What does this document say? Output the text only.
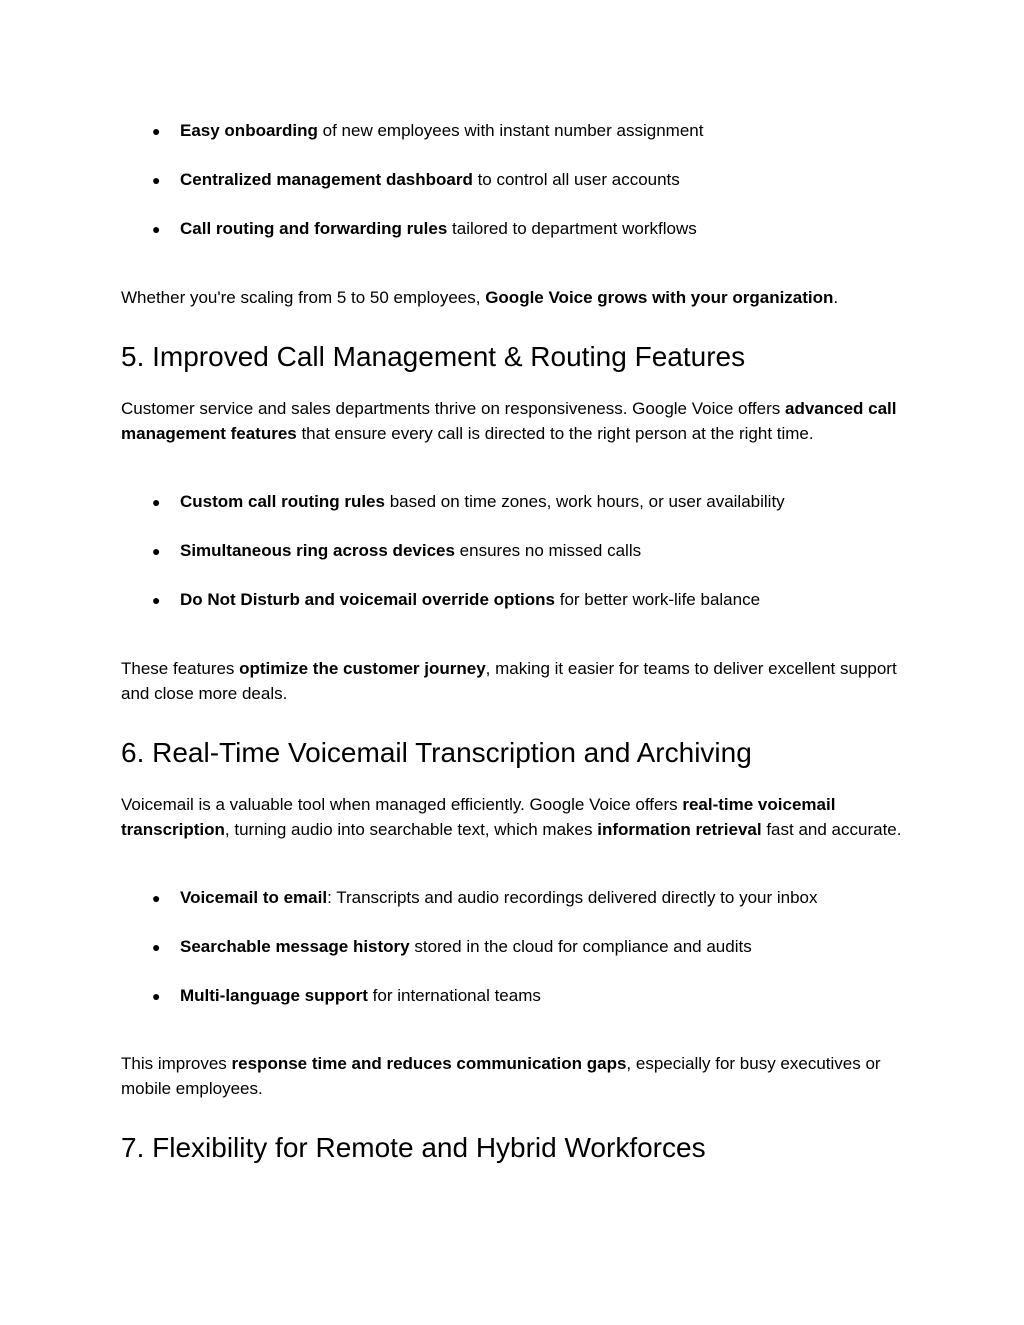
● Easy onboarding of new employees with instant number assignment
● Centralized management dashboard to control all user accounts
● Call routing and forwarding rules tailored to department workflows
Whether you're scaling from 5 to 50 employees, Google Voice grows with your organization.
5. Improved Call Management & Routing Features
Customer service and sales departments thrive on responsiveness. Google Voice offers advanced call management features that ensure every call is directed to the right person at the right time.
● Custom call routing rules based on time zones, work hours, or user availability
● Simultaneous ring across devices ensures no missed calls
● Do Not Disturb and voicemail override options for better work-life balance
These features optimize the customer journey, making it easier for teams to deliver excellent support and close more deals.
6. Real-Time Voicemail Transcription and Archiving
Voicemail is a valuable tool when managed efficiently. Google Voice offers real-time voicemail transcription, turning audio into searchable text, which makes information retrieval fast and accurate.
● Voicemail to email: Transcripts and audio recordings delivered directly to your inbox
● Searchable message history stored in the cloud for compliance and audits
● Multi-language support for international teams
This improves response time and reduces communication gaps, especially for busy executives or mobile employees.
7. Flexibility for Remote and Hybrid Workforces
